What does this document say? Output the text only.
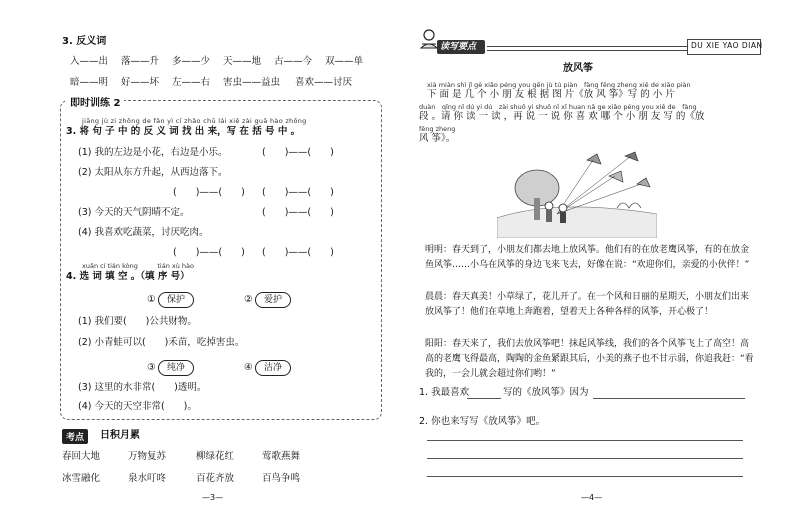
3. 反义词
入——出 落——升 多——少 天——地 古——今 双——单
暗——明 好——坏 左——右 害虫——益虫 喜欢——讨厌
即时训练 2
jiāng jù zi zhōng de fǎn yì cí zhǎo chū lái xiě zài guā hào zhōng
3. 将 句 子 中 的 反 义 词 找 出 来，写 在 括 号 中 。
(1) 我的左边是小花，右边是小乐。	(　　)——(　　)
(2) 太阳从东方升起，从西边落下。
(　　)——(　　) (　　)——(　　)
(3) 今天的天气阴晴不定。	(　　)——(　　)
(4) 我喜欢吃蔬菜，讨厌吃肉。
(　　)——(　　) (　　)——(　　)
xuǎn cí tián kòng　　　tián xù hào
4. 选 词 填 空 。（填 序 号）
①	保护	②	爱护
(1) 我们要(　　)公共财物。
(2) 小青蛙可以(　　)禾苗，吃掉害虫。
③	纯净	④	洁净
(3) 这里的水非常(　　)透明。
(4) 今天的天空非常(　　)。
考点	日积月累
春回大地	万物复苏	柳绿花红	莺歌燕舞
冰雪融化	泉水叮咚	百花齐放	百鸟争鸣
—3—
读写要点	DU XIE YAO DIAN
放风筝
xià miàn shì jǐ gè xiǎo péng you gēn jù tú piàn　fàng fēng zheng xiě de xiǎo piàn
下 面 是 几 个 小 朋 友 根 据 图 片《放 风 筝》写 的 小 片
duàn　qǐng nǐ dú yi dú　zài shuō yi shuō nǐ xǐ huan nǎ ge xiǎo péng you xiě de　fàng
段 。请 你 读 一 读 ，再 说 一 说 你 喜 欢 哪 个 小 朋 友 写 的《放
fēng zheng
风 筝》。
明明：春天到了，小朋友们都去地上放风筝。他们有的在放老鹰风筝，有的在放金鱼风筝……小乌在风筝的身边飞来飞去，好像在说：“欢迎你们，亲爱的小伙伴！”
晨晨：春天真美！小草绿了，花儿开了。在一个风和日丽的星期天，小朋友们出来放风筝了！他们在草地上奔跑着，望着天上各种各样的风筝，开心极了！
阳阳：春天来了，我们去放风筝吧！抹起风筝线，我们的各个风筝飞上了高空！高高的老鹰飞得最高，陶陶的金鱼紧跟其后，小美的燕子也不甘示弱，你追我赶：“看我的，一会儿就会超过你们哟！”
1. 我最喜欢	写的《放风筝》因为
2. 你也来写写《放风筝》吧。
—4—
